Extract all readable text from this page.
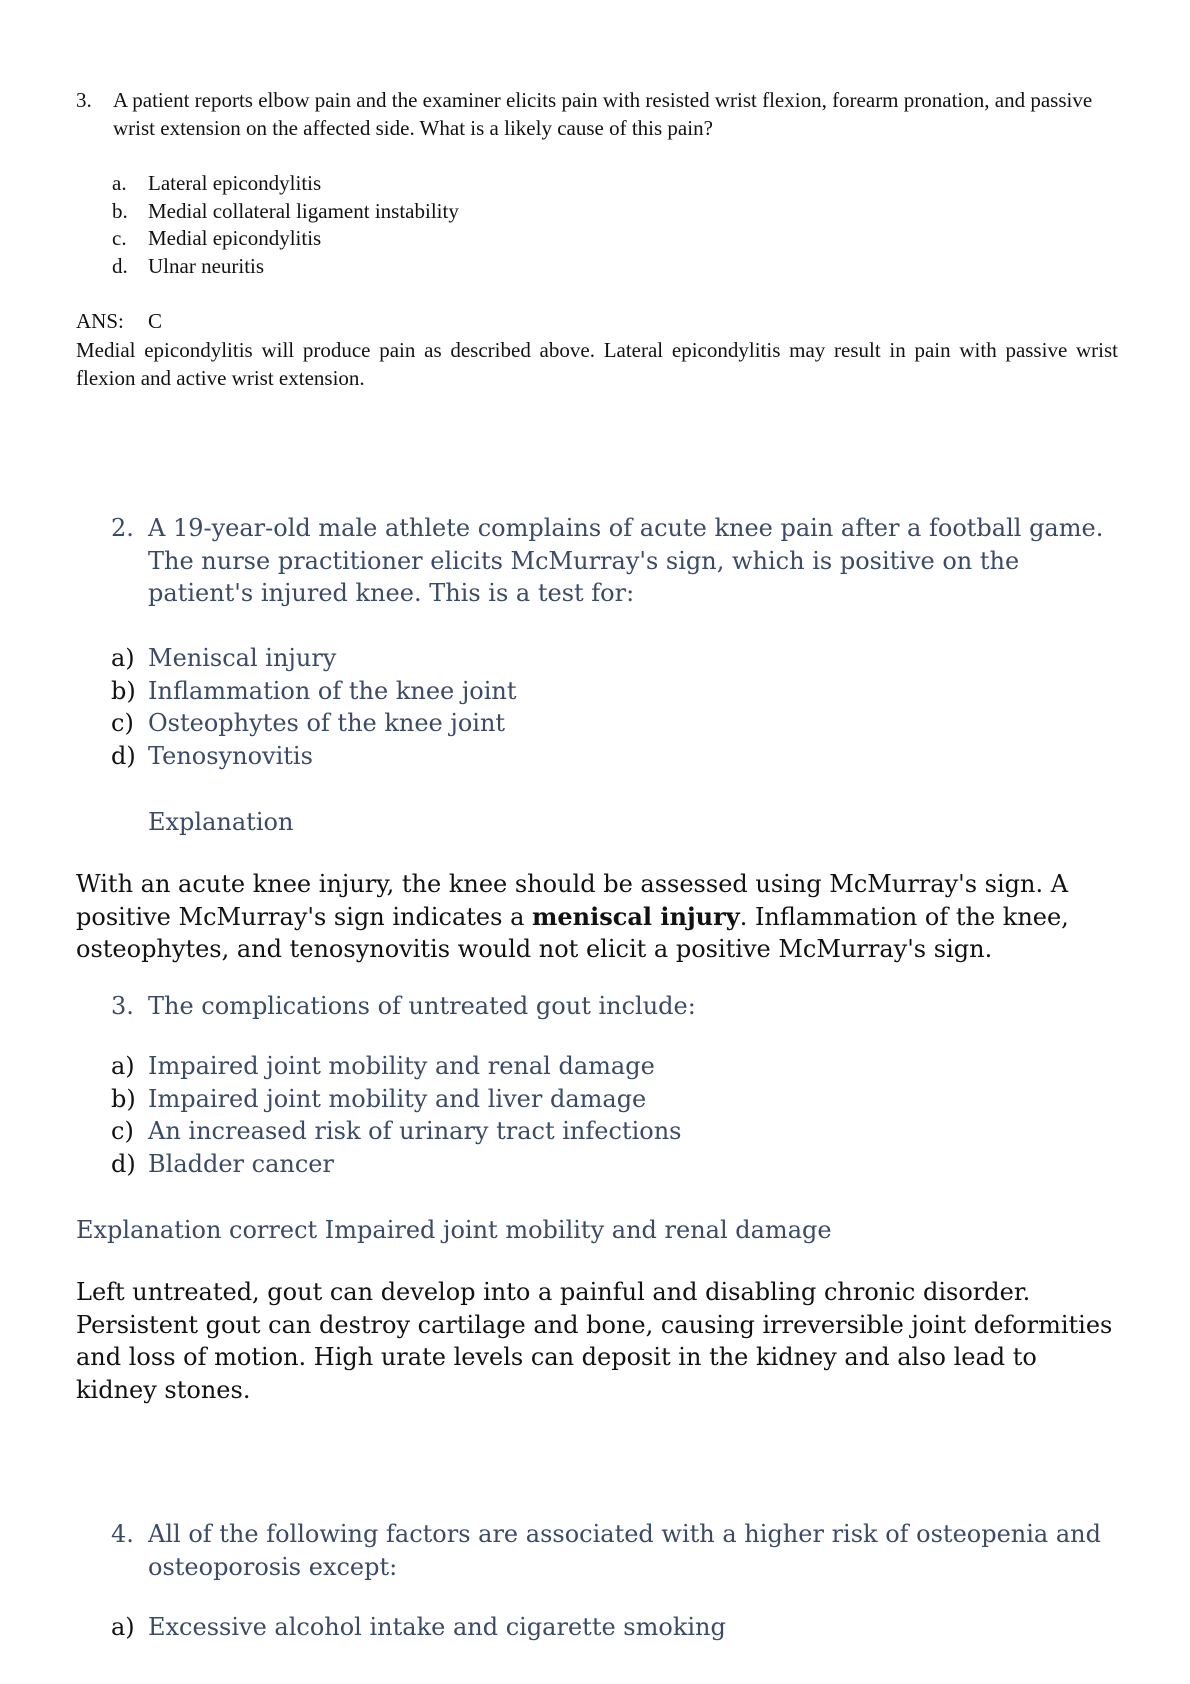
3. A patient reports elbow pain and the examiner elicits pain with resisted wrist flexion, forearm pronation, and passive wrist extension on the affected side. What is a likely cause of this pain?
a. Lateral epicondylitis
b. Medial collateral ligament instability
c. Medial epicondylitis
d. Ulnar neuritis
ANS: C
Medial epicondylitis will produce pain as described above. Lateral epicondylitis may result in pain with passive wrist flexion and active wrist extension.
2. A 19-year-old male athlete complains of acute knee pain after a football game. The nurse practitioner elicits McMurray's sign, which is positive on the patient's injured knee. This is a test for:
a) Meniscal injury
b) Inflammation of the knee joint
c) Osteophytes of the knee joint
d) Tenosynovitis
Explanation
With an acute knee injury, the knee should be assessed using McMurray's sign. A positive McMurray's sign indicates a meniscal injury. Inflammation of the knee, osteophytes, and tenosynovitis would not elicit a positive McMurray's sign.
3. The complications of untreated gout include:
a) Impaired joint mobility and renal damage
b) Impaired joint mobility and liver damage
c) An increased risk of urinary tract infections
d) Bladder cancer
Explanation correct Impaired joint mobility and renal damage
Left untreated, gout can develop into a painful and disabling chronic disorder. Persistent gout can destroy cartilage and bone, causing irreversible joint deformities and loss of motion. High urate levels can deposit in the kidney and also lead to kidney stones.
4. All of the following factors are associated with a higher risk of osteopenia and osteoporosis except:
a) Excessive alcohol intake and cigarette smoking
